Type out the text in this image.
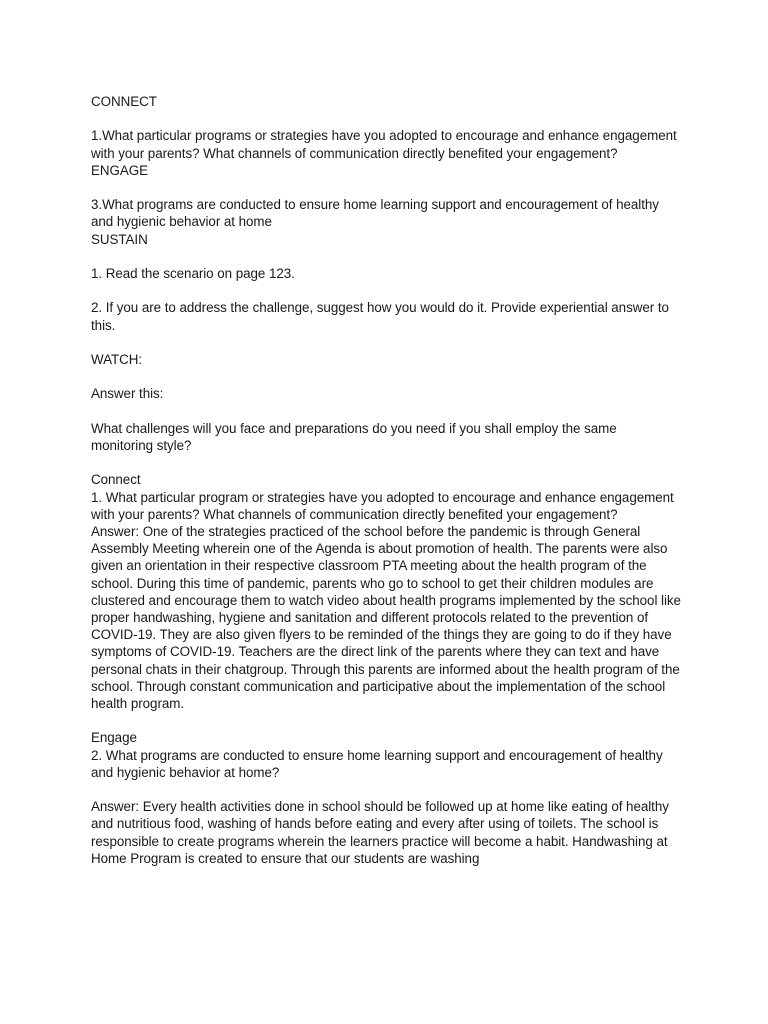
CONNECT

1.What particular programs or strategies have you adopted to encourage and enhance engagement with your parents? What channels of communication directly benefited your engagement?

ENGAGE

3.What programs are conducted to ensure home learning support and encouragement of healthy and hygienic behavior at home

SUSTAIN

1. Read the scenario on page 123.

2. If you are to address the challenge, suggest how you would do it. Provide experiential answer to this.

WATCH:

Answer this:

What challenges will you face and preparations do you need if you shall employ the same monitoring style?

Connect

1. What particular program or strategies have you adopted to encourage and enhance engagement with your parents? What channels of communication directly benefited your engagement?

Answer: One of the strategies practiced of the school before the pandemic is through General Assembly Meeting wherein one of the Agenda is about promotion of health. The parents were also given an orientation in their respective classroom PTA meeting about the health program of the school. During this time of pandemic, parents who go to school to get their children modules are clustered and encourage them to watch video about health programs implemented by the school like proper handwashing, hygiene and sanitation and different protocols related to the prevention of COVID-19. They are also given flyers to be reminded of the things they are going to do if they have symptoms of COVID-19. Teachers are the direct link of the parents where they can text and have personal chats in their chatgroup. Through this parents are informed about the health program of the school. Through constant communication and participative about the implementation of the school health program.

Engage

2. What programs are conducted to ensure home learning support and encouragement of healthy and hygienic behavior at home?

Answer: Every health activities done in school should be followed up at home like eating of healthy and nutritious food, washing of hands before eating and every after using of toilets. The school is responsible to create programs wherein the learners practice will become a habit. Handwashing at Home Program is created to ensure that our students are washing
